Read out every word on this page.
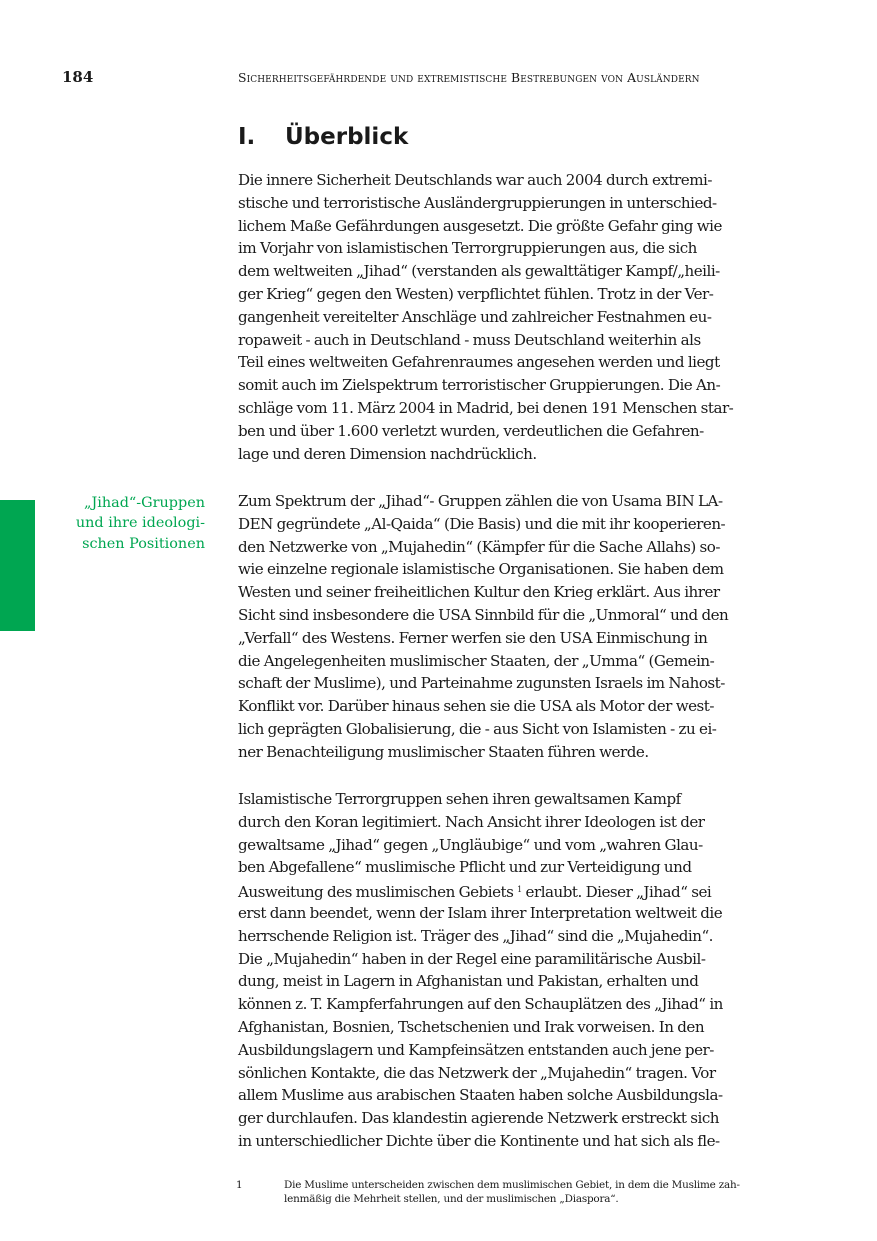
184	Sicherheitsgefährdende und extremistische Bestrebungen von Ausländern
„Jihad“-Gruppen
und ihre ideologi-
schen Positionen
I.	Überblick
Die innere Sicherheit Deutschlands war auch 2004 durch extremi-
stische und terroristische Ausländergruppierungen in unterschied-
lichem Maße Gefährdungen ausgesetzt. Die größte Gefahr ging wie
im Vorjahr von islamistischen Terrorgruppierungen aus, die sich
dem weltweiten „Jihad“ (verstanden als gewalttätiger Kampf/„heili-
ger Krieg“ gegen den Westen) verpflichtet fühlen. Trotz in der Ver-
gangenheit vereitelter Anschläge und zahlreicher Festnahmen eu-
ropaweit - auch in Deutschland - muss Deutschland weiterhin als
Teil eines weltweiten Gefahrenraumes angesehen werden und liegt
somit auch im Zielspektrum terroristischer Gruppierungen. Die An-
schläge vom 11. März 2004 in Madrid, bei denen 191 Menschen star-
ben und über 1.600 verletzt wurden, verdeutlichen die Gefahren-
lage und deren Dimension nachdrücklich.
Zum Spektrum der „Jihad“- Gruppen zählen die von Usama BIN LA-
DEN gegründete „Al-Qaida“ (Die Basis) und die mit ihr kooperieren-
den Netzwerke von „Mujahedin“ (Kämpfer für die Sache Allahs) so-
wie einzelne regionale islamistische Organisationen. Sie haben dem
Westen und seiner freiheitlichen Kultur den Krieg erklärt. Aus ihrer
Sicht sind insbesondere die USA Sinnbild für die „Unmoral“ und den
„Verfall“ des Westens. Ferner werfen sie den USA Einmischung in
die Angelegenheiten muslimischer Staaten, der „Umma“ (Gemein-
schaft der Muslime), und Parteinahme zugunsten Israels im Nahost-
Konflikt vor. Darüber hinaus sehen sie die USA als Motor der west-
lich geprägten Globalisierung, die - aus Sicht von Islamisten - zu ei-
ner Benachteiligung muslimischer Staaten führen werde.
Islamistische Terrorgruppen sehen ihren gewaltsamen Kampf
durch den Koran legitimiert. Nach Ansicht ihrer Ideologen ist der
gewaltsame „Jihad“ gegen „Ungläubige“ und vom „wahren Glau-
ben Abgefallene“ muslimische Pflicht und zur Verteidigung und
Ausweitung des muslimischen Gebiets $^1$ erlaubt. Dieser „Jihad“ sei
erst dann beendet, wenn der Islam ihrer Interpretation weltweit die
herrschende Religion ist. Träger des „Jihad“ sind die „Mujahedin“.
Die „Mujahedin“ haben in der Regel eine paramilitärische Ausbil-
dung, meist in Lagern in Afghanistan und Pakistan, erhalten und
können z. T. Kampferfahrungen auf den Schauplätzen des „Jihad“ in
Afghanistan, Bosnien, Tschetschenien und Irak vorweisen. In den
Ausbildungslagern und Kampfeinsätzen entstanden auch jene per-
sönlichen Kontakte, die das Netzwerk der „Mujahedin“ tragen. Vor
allem Muslime aus arabischen Staaten haben solche Ausbildungsla-
ger durchlaufen. Das klandestin agierende Netzwerk erstreckt sich
in unterschiedlicher Dichte über die Kontinente und hat sich als fle-
1	Die Muslime unterscheiden zwischen dem muslimischen Gebiet, in dem die Muslime zah-
lenmäßig die Mehrheit stellen, und der muslimischen „Diaspora“.
